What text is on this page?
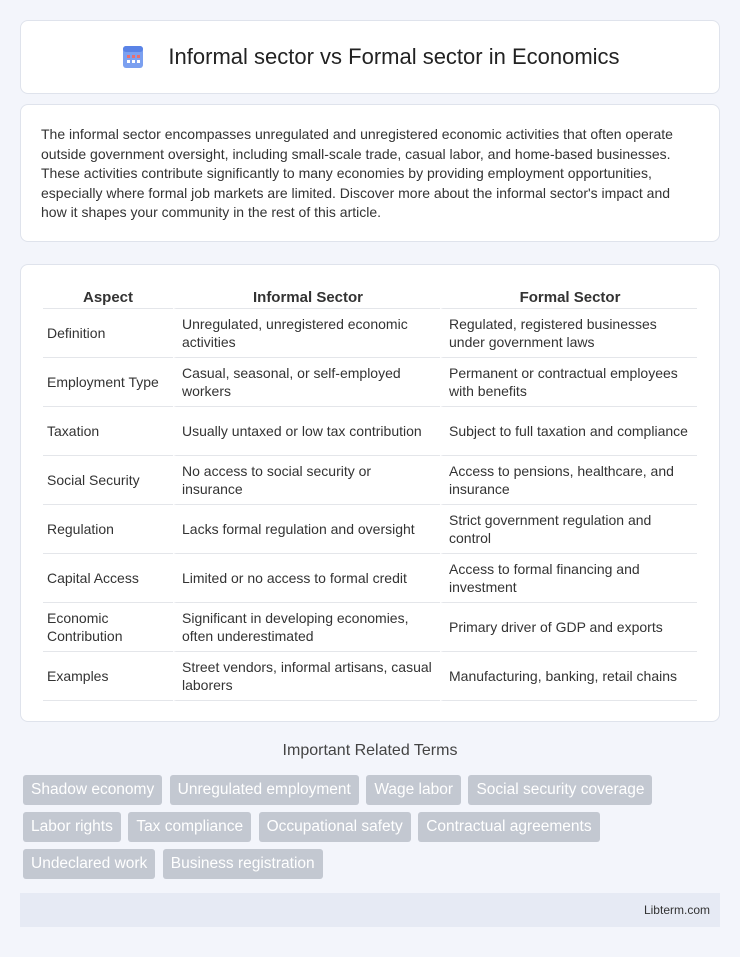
Informal sector vs Formal sector in Economics

The informal sector encompasses unregulated and unregistered economic activities that often operate outside government oversight, including small-scale trade, casual labor, and home-based businesses. These activities contribute significantly to many economies by providing employment opportunities, especially where formal job markets are limited. Discover more about the informal sector's impact and how it shapes your community in the rest of this article.

Aspect	Informal Sector	Formal Sector
Definition	Unregulated, unregistered economic activities	Regulated, registered businesses under government laws
Employment Type	Casual, seasonal, or self-employed workers	Permanent or contractual employees with benefits
Taxation	Usually untaxed or low tax contribution	Subject to full taxation and compliance
Social Security	No access to social security or insurance	Access to pensions, healthcare, and insurance
Regulation	Lacks formal regulation and oversight	Strict government regulation and control
Capital Access	Limited or no access to formal credit	Access to formal financing and investment
Economic Contribution	Significant in developing economies, often underestimated	Primary driver of GDP and exports
Examples	Street vendors, informal artisans, casual laborers	Manufacturing, banking, retail chains
Important Related Terms
Shadow economy Unregulated employment Wage labor Social security coverage Labor rights Tax compliance Occupational safety Contractual agreements Undeclared work Business registration
Libterm.com
